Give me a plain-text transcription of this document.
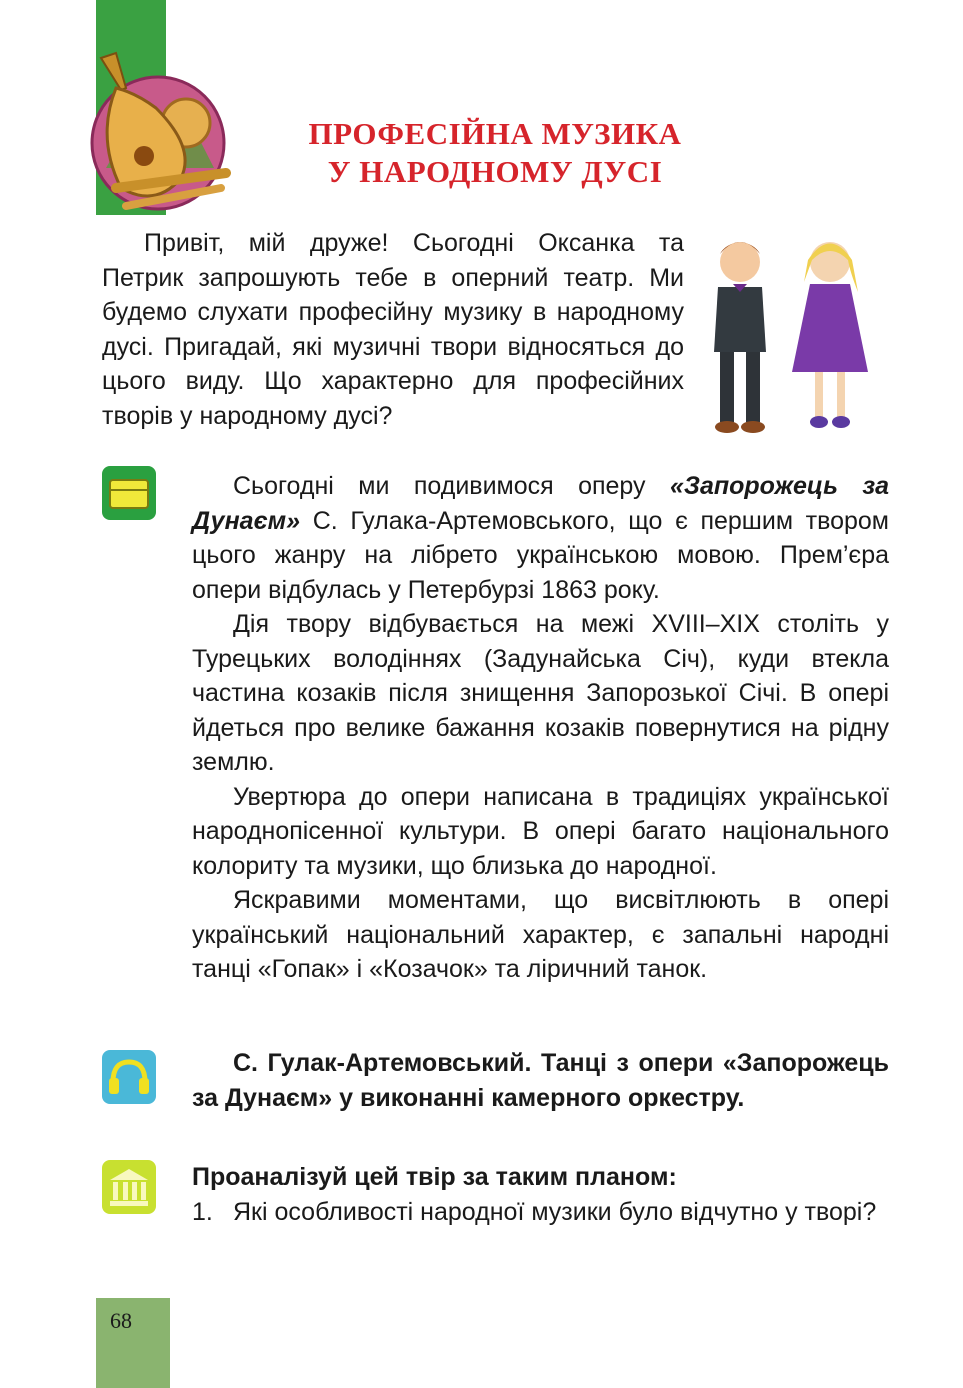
ПРОФЕСІЙНА МУЗИКА
У НАРОДНОМУ ДУСІ

Привіт, мій друже! Сьогодні Оксанка та Петрик запрошують тебе в оперний театр. Ми будемо слухати професійну музику в народному дусі. Пригадай, які музичні твори відносяться до цього виду. Що характерно для професійних творів у народному дусі?

Сьогодні ми подивимося оперу «Запорожець за Дунаєм» С. Гулака-Артемовського, що є першим твором цього жанру на лібрето українською мовою. Прем’єра опери відбулась у Петербурзі 1863 року.

Дія твору відбувається на межі XVIII–XIX століть у Турецьких володіннях (Задунайська Січ), куди втекла частина козаків після знищення Запорозької Січі. В опері йдеться про велике бажання козаків повернутися на рідну землю.

Увертюра до опери написана в традиціях української народнопісенної культури. В опері багато національного колориту та музики, що близька до народної.

Яскравими моментами, що висвітлюють в опері український національний характер, є запальні народні танці «Гопак» і «Козачок» та ліричний танок.

С. Гулак-Артемовський. Танці з опери «Запорожець за Дунаєм» у виконанні камерного оркестру.

Проаналізуй цей твір за таким планом:
1. Які особливості народної музики було відчутно у творі?
68
